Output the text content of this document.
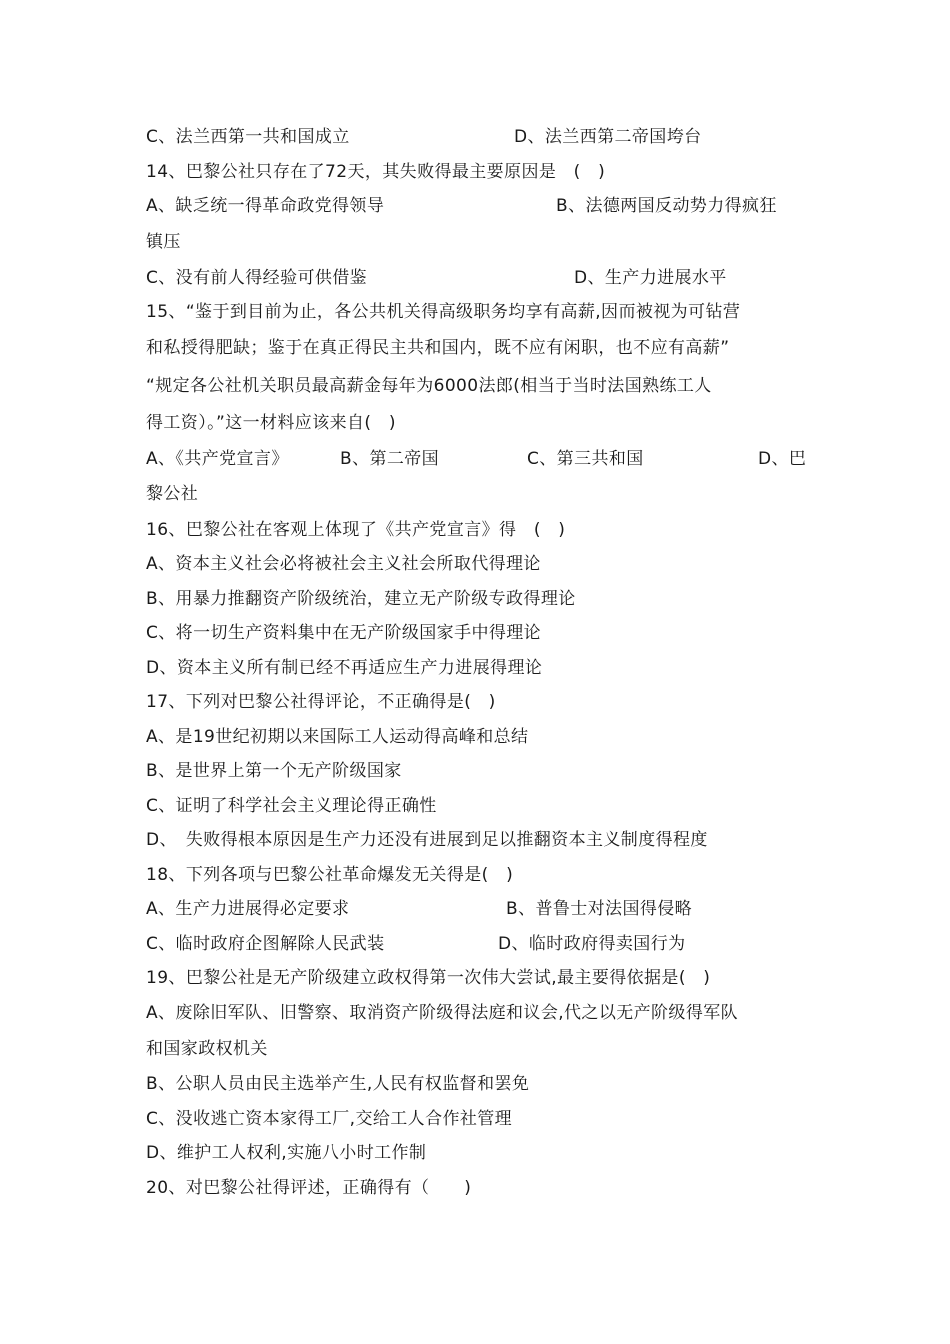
C、法兰西第一共和国成立	D、法兰西第二帝国垮台
14、巴黎公社只存在了72天，其失败得最主要原因是　(　)
A、缺乏统一得革命政党得领导	B、法德两国反动势力得疯狂
镇压
C、没有前人得经验可供借鉴	D、生产力进展水平
15、“鉴于到目前为止，各公共机关得高级职务均享有高薪,因而被视为可钻营
和私授得肥缺；鉴于在真正得民主共和国内，既不应有闲职，也不应有高薪”
“规定各公社机关职员最高薪金每年为6000法郎(相当于当时法国熟练工人
得工资）。”这一材料应该来自(　)
A、《共产党宣言》	B、第二帝国	C、第三共和国	D、巴
黎公社
16、巴黎公社在客观上体现了《共产党宣言》得　(　)
A、资本主义社会必将被社会主义社会所取代得理论
B、用暴力推翻资产阶级统治，建立无产阶级专政得理论
C、将一切生产资料集中在无产阶级国家手中得理论
D、资本主义所有制已经不再适应生产力进展得理论
17、下列对巴黎公社得评论，不正确得是(　)
A、是19世纪初期以来国际工人运动得高峰和总结
B、是世界上第一个无产阶级国家
C、证明了科学社会主义理论得正确性
D、　失败得根本原因是生产力还没有进展到足以推翻资本主义制度得程度
18、下列各项与巴黎公社革命爆发无关得是(　)
A、生产力进展得必定要求	B、普鲁士对法国得侵略
C、临时政府企图解除人民武装	D、临时政府得卖国行为
19、巴黎公社是无产阶级建立政权得第一次伟大尝试,最主要得依据是(　)
A、废除旧军队、旧警察、取消资产阶级得法庭和议会,代之以无产阶级得军队
和国家政权机关
B、公职人员由民主选举产生,人民有权监督和罢免
C、没收逃亡资本家得工厂,交给工人合作社管理
D、维护工人权利,实施八小时工作制
20、对巴黎公社得评述，正确得有（　　)
